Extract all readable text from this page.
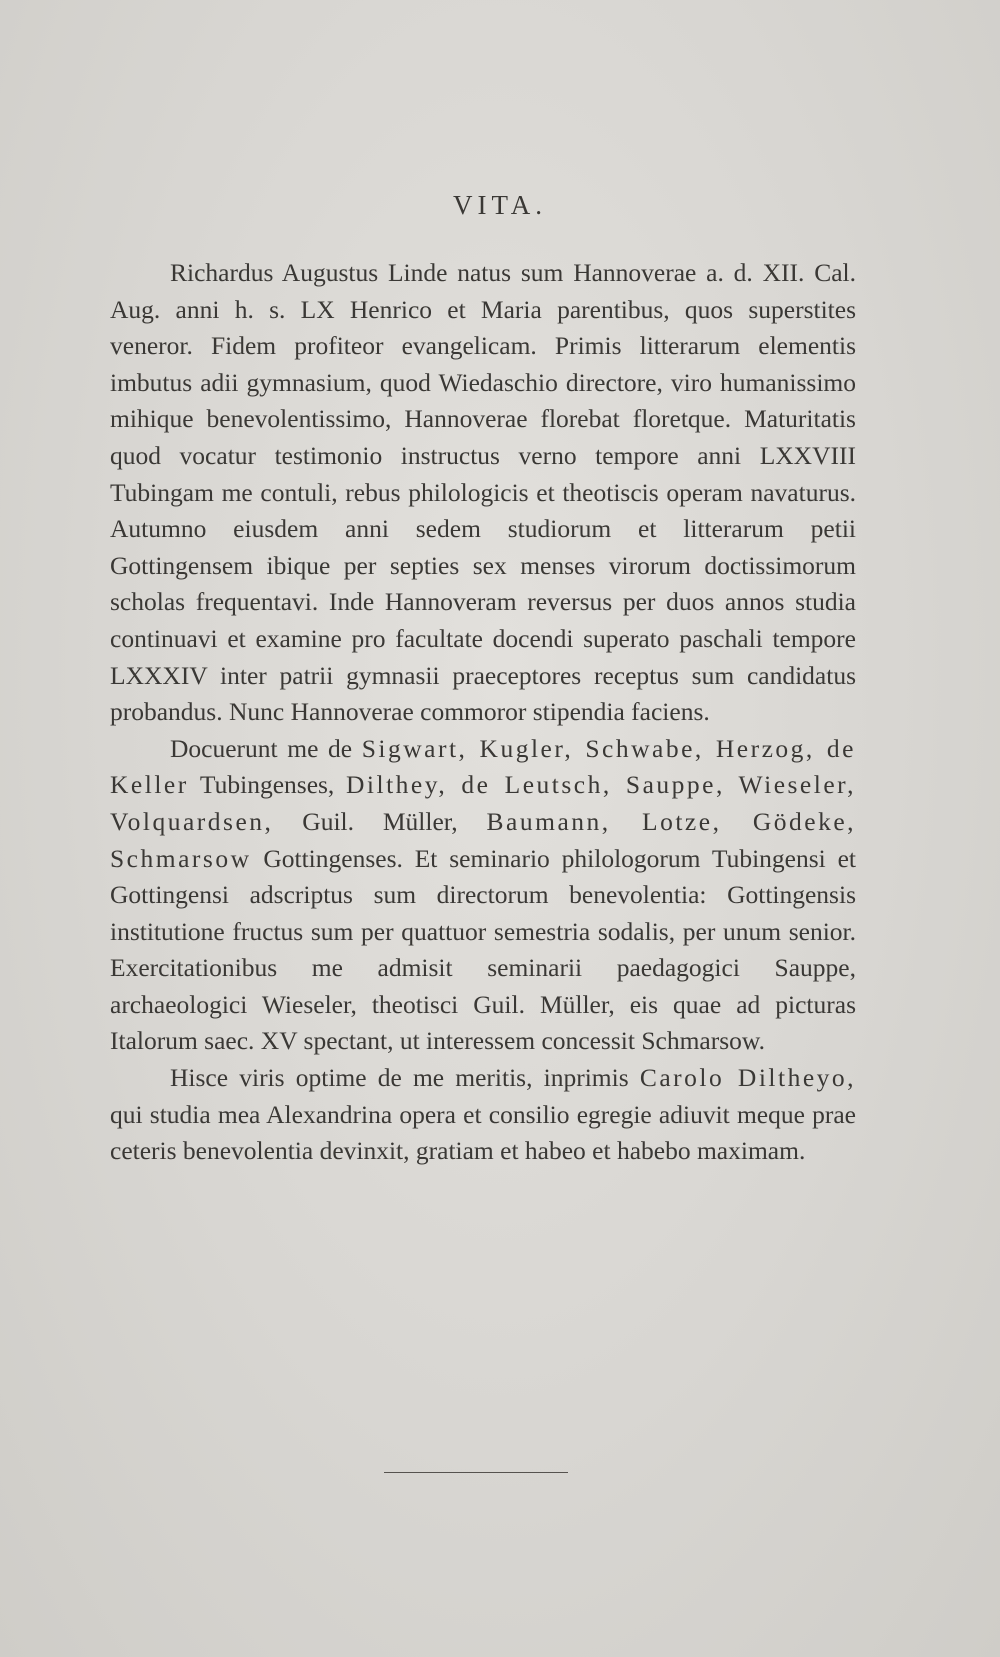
VITA.

Richardus Augustus Linde natus sum Hannoverae a. d. XII. Cal. Aug. anni h. s. LX Henrico et Maria parentibus, quos superstites veneror. Fidem profiteor evangelicam. Primis litterarum elementis imbutus adii gymnasium, quod Wiedaschio directore, viro humanissimo mihique benevolentissimo, Hannoverae florebat floretque. Maturitatis quod vocatur testimonio instructus verno tempore anni LXXVIII Tubingam me contuli, rebus philologicis et theotiscis operam navaturus. Autumno eiusdem anni sedem studiorum et litterarum petii Gottingensem ibique per septies sex menses virorum doctissimorum scholas frequentavi. Inde Hannoveram reversus per duos annos studia continuavi et examine pro facultate docendi superato paschali tempore LXXXIV inter patrii gymnasii praeceptores receptus sum candidatus probandus. Nunc Hannoverae commoror stipendia faciens.

Docuerunt me de Sigwart, Kugler, Schwabe, Herzog, de Keller Tubingenses, Dilthey, de Leutsch, Sauppe, Wieseler, Volquardsen, Guil. Müller, Baumann, Lotze, Gödeke, Schmarsow Gottingenses. Et seminario philologorum Tubingensi et Gottingensi adscriptus sum directorum benevolentia: Gottingensis institutione fructus sum per quattuor semestria sodalis, per unum senior. Exercitationibus me admisit seminarii paedagogici Sauppe, archaeologici Wieseler, theotisci Guil. Müller, eis quae ad picturas Italorum saec. XV spectant, ut interessem concessit Schmarsow.

Hisce viris optime de me meritis, inprimis Carolo Diltheyo, qui studia mea Alexandrina opera et consilio egregie adiuvit meque prae ceteris benevolentia devinxit, gratiam et habeo et habebo maximam.
